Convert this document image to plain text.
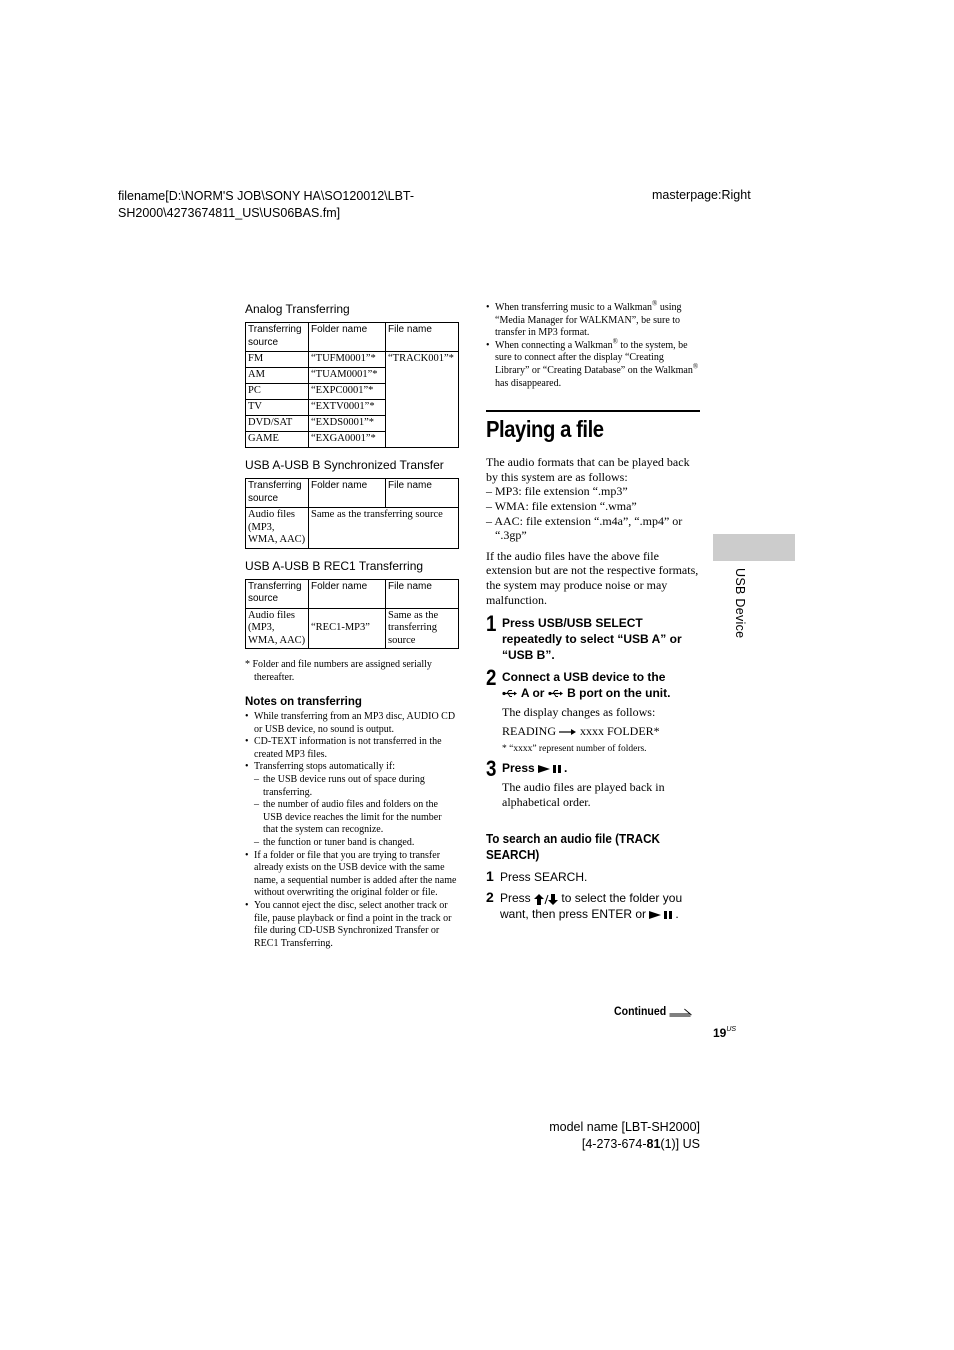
filename[D:\NORM'S JOB\SONY HA\SO120012\LBT-SH2000\4273674811_US\US06BAS.fm]
masterpage:Right
Analog Transferring
Transferring source	Folder name	File name
FM	“TUFM0001”*	“TRACK001”*
AM	“TUAM0001”*	
PC	“EXPC0001”*	
TV	“EXTV0001”*	
DVD/SAT	“EXDS0001”*	
GAME	“EXGA0001”*	
USB A-USB B Synchronized Transfer
Transferring source	Folder name	File name
Audio files (MP3, WMA, AAC)	Same as the transferring source	
USB A-USB B REC1 Transferring
Transferring source	Folder name	File name
Audio files (MP3, WMA, AAC)	“REC1-MP3”	Same as the transferring source
* Folder and file numbers are assigned serially thereafter.
Notes on transferring
• While transferring from an MP3 disc, AUDIO CD or USB device, no sound is output.
• CD-TEXT information is not transferred in the created MP3 files.
• Transferring stops automatically if:
– the USB device runs out of space during transferring.
– the number of audio files and folders on the USB device reaches the limit for the number that the system can recognize.
– the function or tuner band is changed.
• If a folder or file that you are trying to transfer already exists on the USB device with the same name, a sequential number is added after the name without overwriting the original folder or file.
• You cannot eject the disc, select another track or file, pause playback or find a point in the track or file during CD-USB Synchronized Transfer or REC1 Transferring.
• When transferring music to a Walkman® using “Media Manager for WALKMAN”, be sure to transfer in MP3 format.
• When connecting a Walkman® to the system, be sure to connect after the display “Creating Library” or “Creating Database” on the Walkman® has disappeared.
Playing a file
The audio formats that can be played back by this system are as follows:
– MP3: file extension “.mp3”
– WMA: file extension “.wma”
– AAC: file extension “.m4a”, “.mp4” or “.3gp”
If the audio files have the above file extension but are not the respective formats, the system may produce noise or may malfunction.
1 Press USB/USB SELECT repeatedly to select “USB A” or “USB B”.
2 Connect a USB device to the
A or B port on the unit.
The display changes as follows:
READING xxxx FOLDER*
* “xxxx” represent number of folders.
3 Press .
The audio files are played back in alphabetical order.
To search an audio file (TRACK SEARCH)
1 Press SEARCH.
2 Press	to select the folder you want, then press ENTER or .
USB Device
Continued
$19^{US}$
model name [LBT-SH2000]
[4-273-674-81(1)] US
